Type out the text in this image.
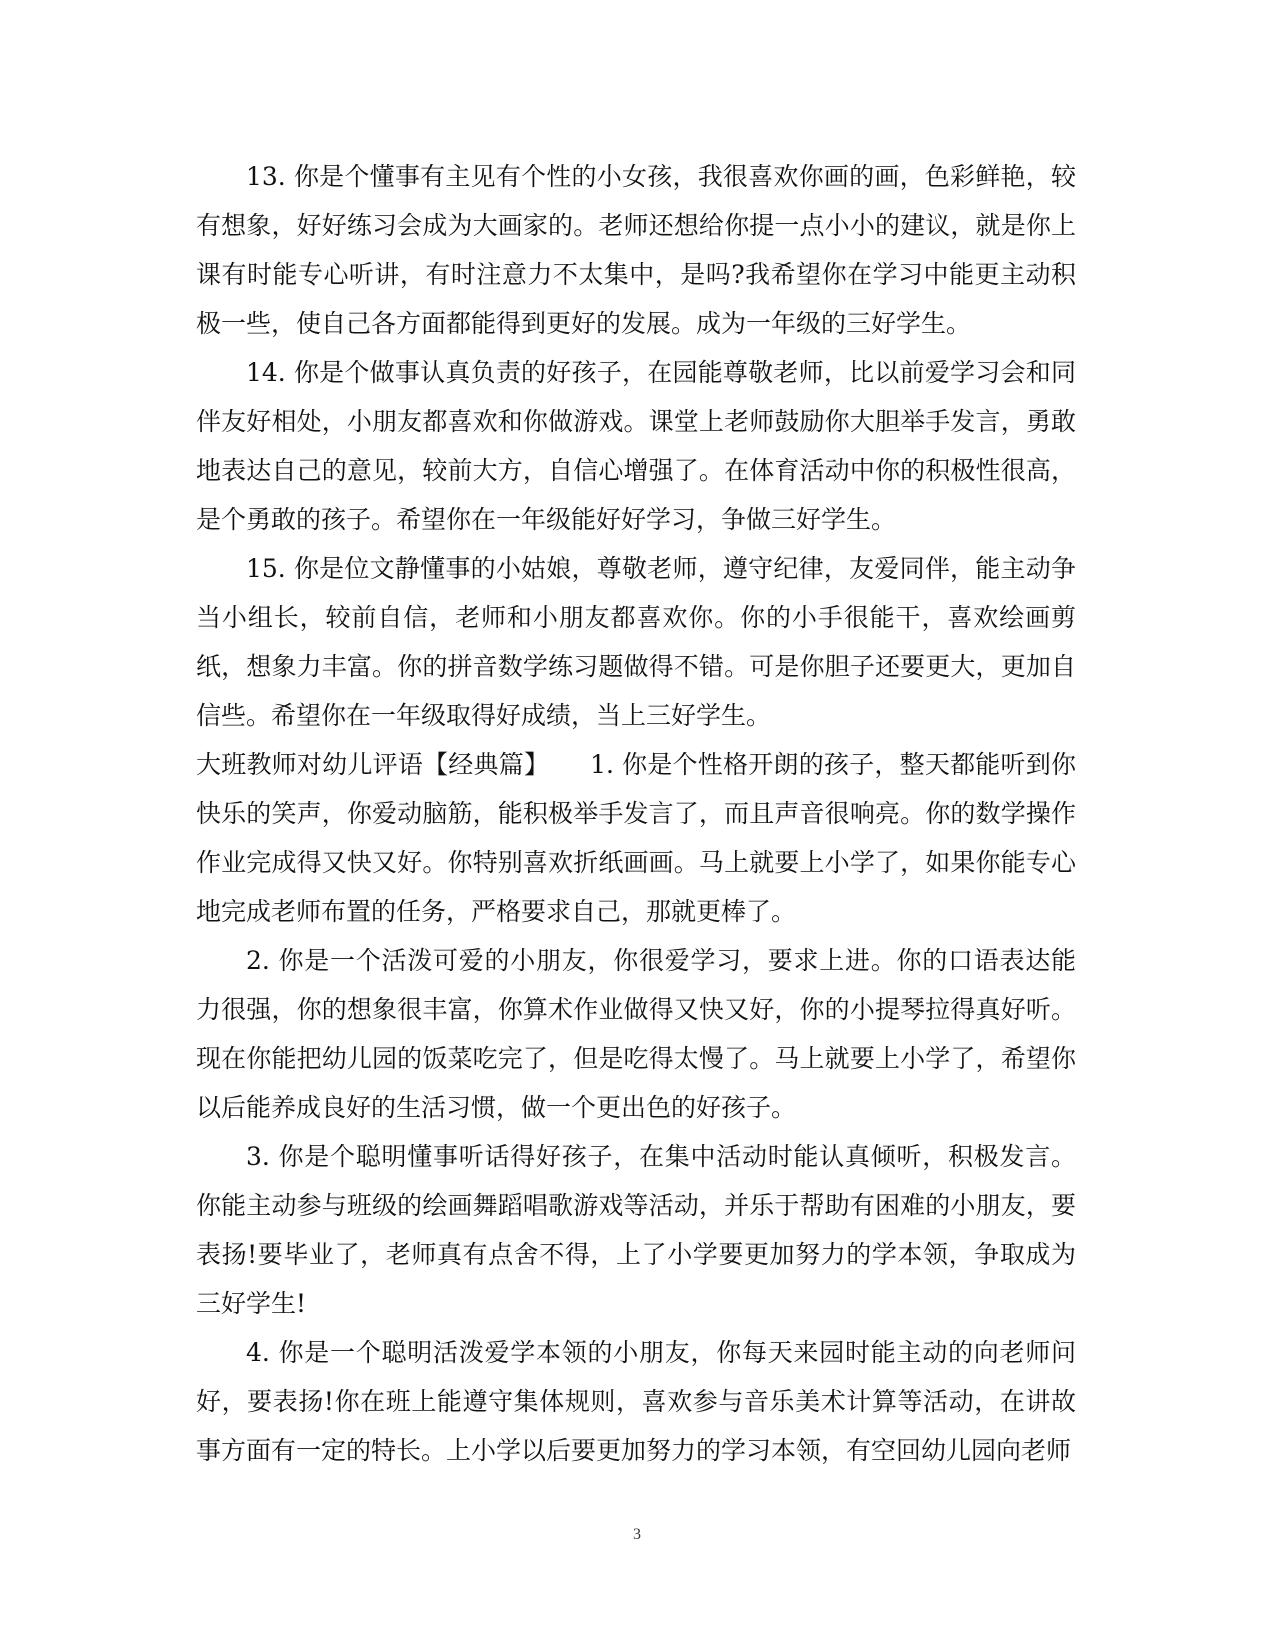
13. 你是个懂事有主见有个性的小女孩，我很喜欢你画的画，色彩鲜艳，较有想象，好好练习会成为大画家的。老师还想给你提一点小小的建议，就是你上课有时能专心听讲，有时注意力不太集中，是吗?我希望你在学习中能更主动积极一些，使自己各方面都能得到更好的发展。成为一年级的三好学生。

14. 你是个做事认真负责的好孩子，在园能尊敬老师，比以前爱学习会和同伴友好相处，小朋友都喜欢和你做游戏。课堂上老师鼓励你大胆举手发言，勇敢地表达自己的意见，较前大方，自信心增强了。在体育活动中你的积极性很高，是个勇敢的孩子。希望你在一年级能好好学习，争做三好学生。

15. 你是位文静懂事的小姑娘，尊敬老师，遵守纪律，友爱同伴，能主动争当小组长，较前自信，老师和小朋友都喜欢你。你的小手很能干，喜欢绘画剪纸，想象力丰富。你的拼音数学练习题做得不错。可是你胆子还要更大，更加自信些。希望你在一年级取得好成绩，当上三好学生。

大班教师对幼儿评语【经典篇】     1. 你是个性格开朗的孩子，整天都能听到你快乐的笑声，你爱动脑筋，能积极举手发言了，而且声音很响亮。你的数学操作作业完成得又快又好。你特别喜欢折纸画画。马上就要上小学了，如果你能专心地完成老师布置的任务，严格要求自己，那就更棒了。

2. 你是一个活泼可爱的小朋友，你很爱学习，要求上进。你的口语表达能力很强，你的想象很丰富，你算术作业做得又快又好，你的小提琴拉得真好听。现在你能把幼儿园的饭菜吃完了，但是吃得太慢了。马上就要上小学了，希望你以后能养成良好的生活习惯，做一个更出色的好孩子。

3. 你是个聪明懂事听话得好孩子，在集中活动时能认真倾听，积极发言。你能主动参与班级的绘画舞蹈唱歌游戏等活动，并乐于帮助有困难的小朋友，要表扬!要毕业了，老师真有点舍不得，上了小学要更加努力的学本领，争取成为三好学生!

4. 你是一个聪明活泼爱学本领的小朋友，你每天来园时能主动的向老师问好，要表扬!你在班上能遵守集体规则，喜欢参与音乐美术计算等活动，在讲故事方面有一定的特长。上小学以后要更加努力的学习本领，有空回幼儿园向老师

3
